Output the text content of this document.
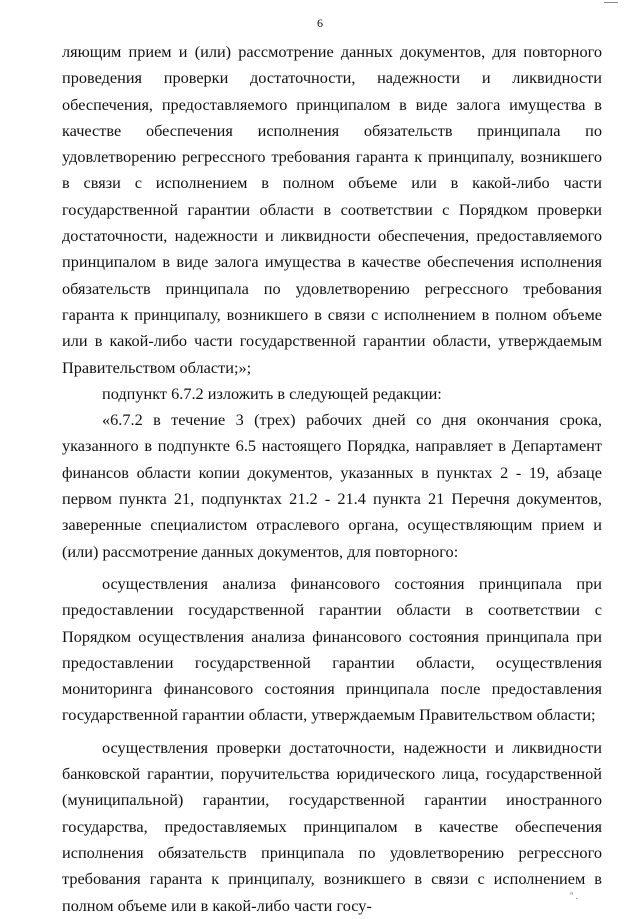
6

ляющим прием и (или) рассмотрение данных документов, для повторного проведения проверки достаточности, надежности и ликвидности обеспечения, предоставляемого принципалом в виде залога имущества в качестве обеспечения исполнения обязательств принципала по удовлетворению регрессного требования гаранта к принципалу, возникшего в связи с исполнением в полном объеме или в какой-либо части государственной гарантии области в соответствии с Порядком проверки достаточности, надежности и ликвидности обеспечения, предоставляемого принципалом в виде залога имущества в качестве обеспечения исполнения обязательств принципала по удовлетворению регрессного требования гаранта к принципалу, возникшего в связи с исполнением в полном объеме или в какой-либо части государственной гарантии области, утверждаемым Правительством области;»;

подпункт 6.7.2 изложить в следующей редакции:

«6.7.2 в течение 3 (трех) рабочих дней со дня окончания срока, указанного в подпункте 6.5 настоящего Порядка, направляет в Департамент финансов области копии документов, указанных в пунктах 2 - 19, абзаце первом пункта 21, подпунктах 21.2 - 21.4 пункта 21 Перечня документов, заверенные специалистом отраслевого органа, осуществляющим прием и (или) рассмотрение данных документов, для повторного:

осуществления анализа финансового состояния принципала при предоставлении государственной гарантии области в соответствии с Порядком осуществления анализа финансового состояния принципала при предоставлении государственной гарантии области, осуществления мониторинга финансового состояния принципала после предоставления государственной гарантии области, утверждаемым Правительством области;

осуществления проверки достаточности, надежности и ликвидности банковской гарантии, поручительства юридического лица, государственной (муниципальной) гарантии, государственной гарантии иностранного государства, предоставляемых принципалом в качестве обеспечения исполнения обязательств принципала по удовлетворению регрессного требования гаранта к принципалу, возникшего в связи с исполнением в полном объеме или в какой-либо части госу-	" .
